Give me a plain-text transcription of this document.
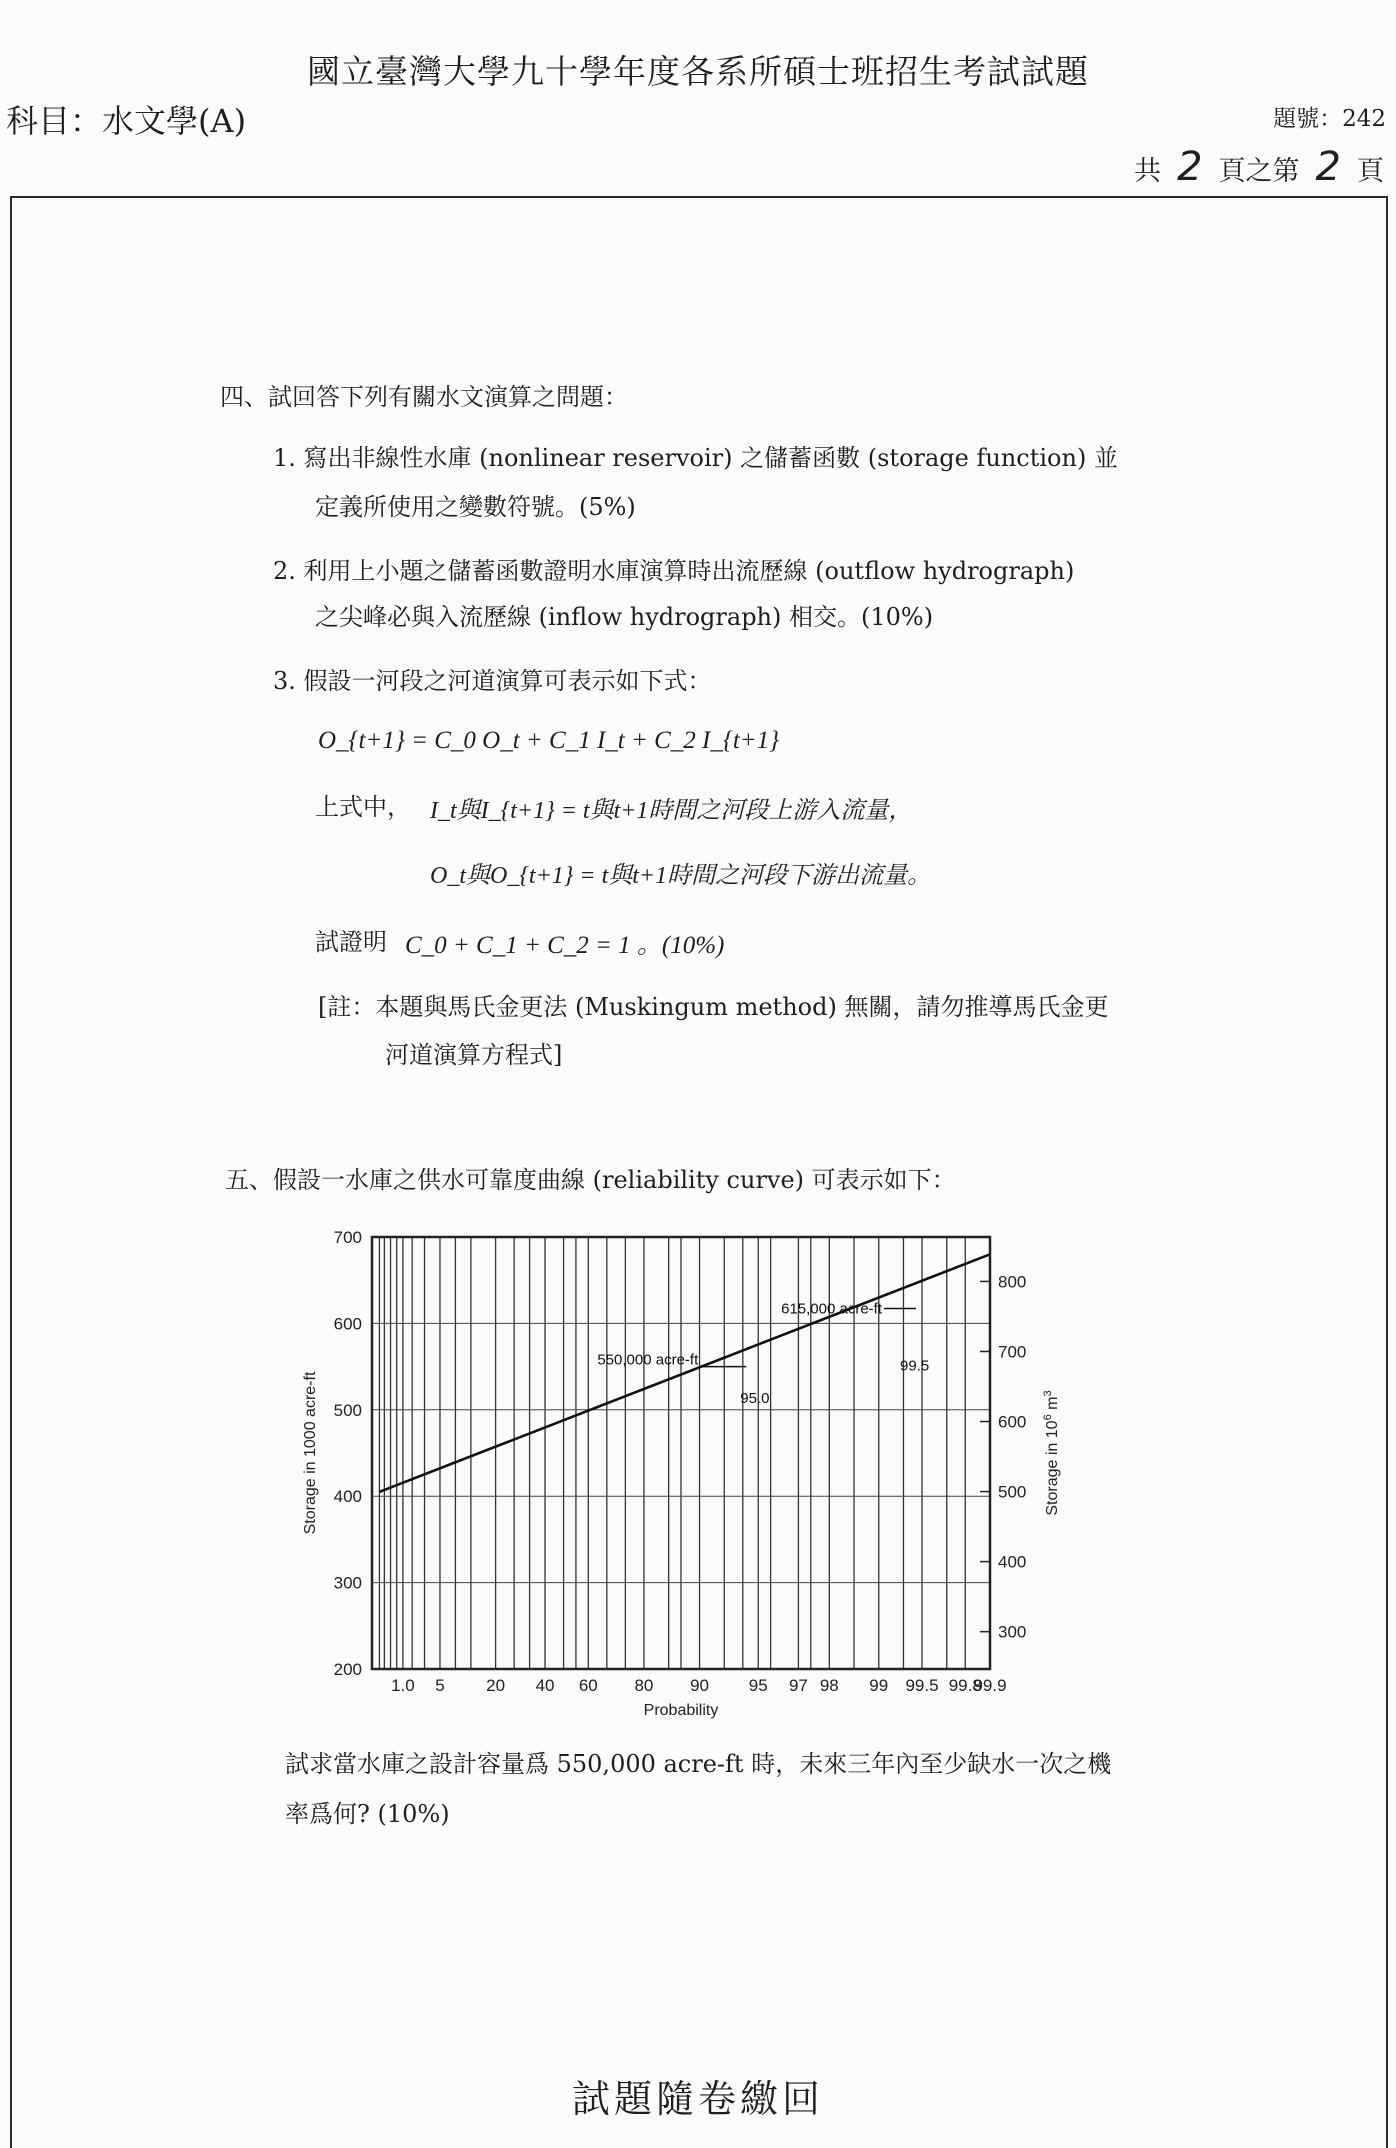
國立臺灣大學九十學年度各系所碩士班招生考試試題
科目：水文學(A)	題號：242
共 2 頁之第 2 頁
四、試回答下列有關水文演算之問題：
1. 寫出非線性水庫 (nonlinear reservoir) 之儲蓄函數 (storage function) 並
定義所使用之變數符號。(5%)
2. 利用上小題之儲蓄函數證明水庫演算時出流歷線 (outflow hydrograph)
之尖峰必與入流歷線 (inflow hydrograph) 相交。(10%)
3. 假設一河段之河道演算可表示如下式：
O_{t+1} = C_0 O_t + C_1 I_t + C_2 I_{t+1}
上式中， I_t與I_{t+1} = t與t+1時間之河段上游入流量，
O_t與O_{t+1} = t與t+1時間之河段下游出流量。
試證明 C_0 + C_1 + C_2 = 1 。(10%)
[註：本題與馬氏金更法 (Muskingum method) 無關，請勿推導馬氏金更
河道演算方程式]
五、假設一水庫之供水可靠度曲線 (reliability curve) 可表示如下：
300
400
500
600
700
800
200
300
400
500
600
700
1.0 5 20 40 60 80 90 95 97 98 99 99.5 99.8
99.9
Probability
Storage in 1000 acre-ft	Storage in $10^6$ $m^3$
615,000 acre-ft
550,000 acre-ft	99.5
95.0
試求當水庫之設計容量爲 550,000 acre-ft 時，未來三年內至少缺水一次之機
率爲何? (10%)
試題隨卷繳回
